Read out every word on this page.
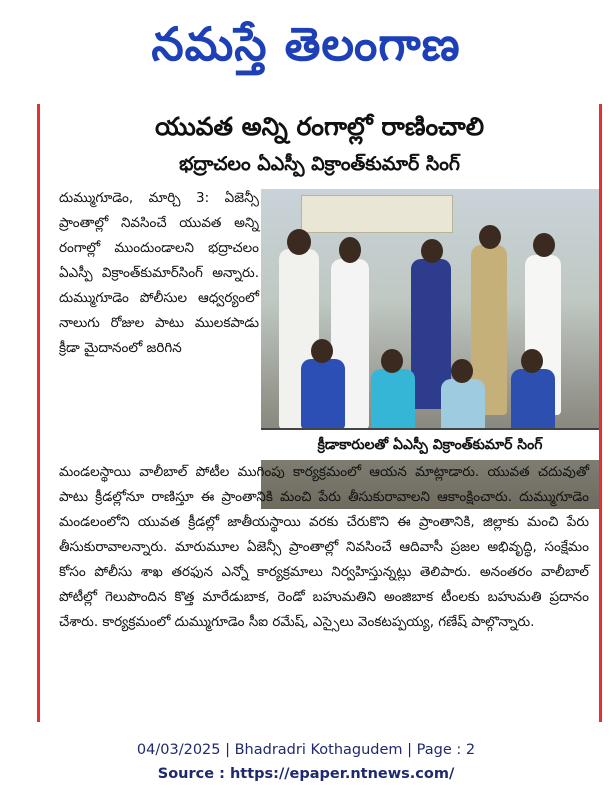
నమస్తే తెలంగాణ
యువత అన్ని రంగాల్లో రాణించాలి
భద్రాచలం ఏఎస్పీ విక్రాంత్‌కుమార్ సింగ్
దుమ్ముగూడెం, మార్చి 3: ఏజెన్సీ ప్రాంతాల్లో నివసించే యువత అన్ని రంగాల్లో ముందుండాలని భద్రాచలం ఏఎస్పీ విక్రాంత్‌కుమార్‌సింగ్ అన్నారు. దుమ్ముగూడెం పోలీసుల ఆధ్వర్యంలో నాలుగు రోజుల పాటు ములకపాడు క్రీడా మైదానంలో జరిగిన
క్రీడాకారులతో ఏఎస్పీ విక్రాంత్‌కుమార్ సింగ్
మండలస్థాయి వాలీబాల్ పోటీల ముగింపు కార్యక్రమంలో ఆయన మాట్లాడారు. యువత చదువుతో పాటు క్రీడల్లోనూ రాణిస్తూ ఈ ప్రాంతానికి మంచి పేరు తీసుకురావాలని ఆకాంక్షించారు. దుమ్ముగూడెం మండలంలోని యువత క్రీడల్లో జాతీయస్థాయి వరకు చేరుకొని ఈ ప్రాంతానికి, జిల్లాకు మంచి పేరు తీసుకురావాలన్నారు. మారుమూల ఏజెన్సీ ప్రాంతాల్లో నివసించే ఆదివాసీ ప్రజల అభివృద్ధి, సంక్షేమం కోసం పోలీసు శాఖ తరఫున ఎన్నో కార్యక్రమాలు నిర్వహిస్తున్నట్లు తెలిపారు. అనంతరం వాలీబాల్ పోటీల్లో గెలుపొందిన కొత్త మారేడుబాక, రెండో బహుమతిని అంజిబాక టీంలకు బహుమతి ప్రదానం చేశారు. కార్యక్రమంలో దుమ్ముగూడెం సీఐ రమేష్, ఎస్సైలు వెంకటప్పయ్య, గణేష్ పాల్గొన్నారు.
04/03/2025 | Bhadradri Kothagudem | Page : 2
Source : https://epaper.ntnews.com/
